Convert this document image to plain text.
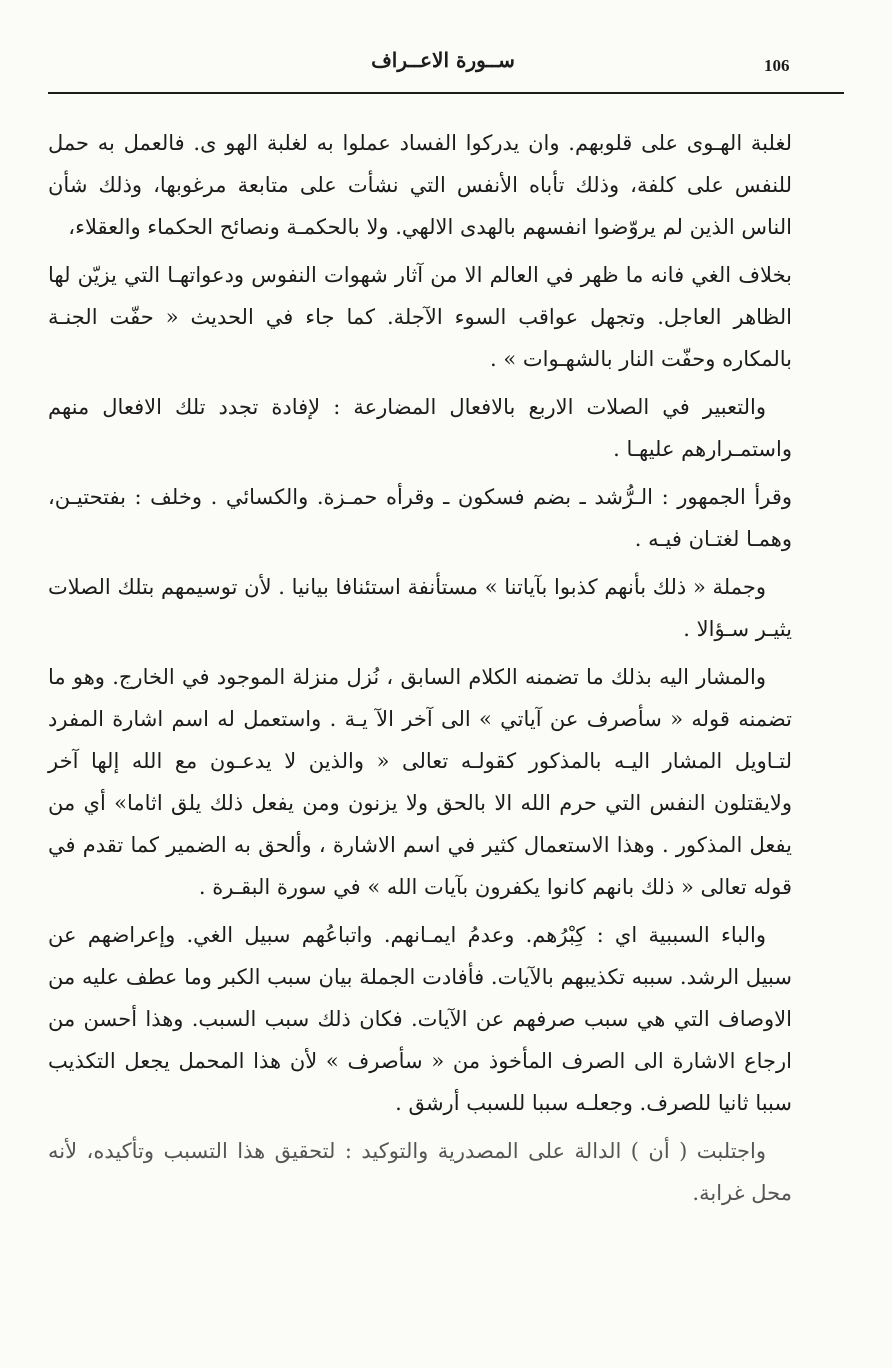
106
ســورة الاعــراف

لغلبة الهـوى على قلوبهم. وان يدركوا الفساد عملوا به لغلبة الهو ى. فالعمل به حمل للنفس على كلفة، وذلك تأباه الأنفس التي نشأت على متابعة مرغوبها، وذلك شأن الناس الذين لم يروّضوا انفسهم بالهدى الالهي. ولا بالحكمـة ونصائح الحكماء والعقلاء،

بخلاف الغي فانه ما ظهر في العالم الا من آثار شهوات النفوس ودعواتهـا التي يزيّن لها الظاهر العاجل. وتجهل عواقب السوء الآجلة. كما جاء في الحديث « حفّت الجنـة بالمكاره وحفّت النار بالشهـوات » .

والتعبير في الصلات الاربع بالافعال المضارعة : لإفادة تجدد تلك الافعال منهم واستمـرارهم عليهـا .

وقرأ الجمهور : الـرُّشد ـ بضم فسكون ـ وقرأه حمـزة. والكسائي . وخلف : بفتحتيـن، وهمـا لغتـان فيـه .

وجملة « ذلك بأنهم كذبوا بآياتنا » مستأنفة استئنافا بيانيا . لأن توسيمهم بتلك الصلات يثيـر سـؤالا .

والمشار اليه بذلك ما تضمنه الكلام السابق ، نُزل منزلة الموجود في الخارج. وهو ما تضمنه قوله « سأصرف عن آياتي » الى آخر الآ يـة . واستعمل له اسم اشارة المفرد لتـاويل المشار اليـه بالمذكور كقولـه تعالى « والذين لا يدعـون مع الله إلها آخر ولايقتلون النفس التي حرم الله الا بالحق ولا يزنون ومن يفعل ذلك يلق اثاما» أي من يفعل المذكور . وهذا الاستعمال كثير في اسم الاشارة ، وألحق به الضمير كما تقدم في قوله تعالى « ذلك بانهم كانوا يكفرون بآيات الله » في سورة البقـرة .

والباء السببية اي : كِبْرُهم. وعدمُ ايمـانهم. واتباعُهم سبيل الغي. وإعراضهم عن سبيل الرشد. سببه تكذيبهم بالآيات. فأفادت الجملة بيان سبب الكبر وما عطف عليه من الاوصاف التي هي سبب صرفهم عن الآيات. فكان ذلك سبب السبب. وهذا أحسن من ارجاع الاشارة الى الصرف المأخوذ من « سأصرف » لأن هذا المحمل يجعل التكذيب سببا ثانيا للصرف. وجعلـه سببا للسبب أرشق .

واجتلبت ( أن ) الدالة على المصدرية والتوكيد : لتحقيق هذا التسبب وتأكيده، لأنه محل غرابة.
